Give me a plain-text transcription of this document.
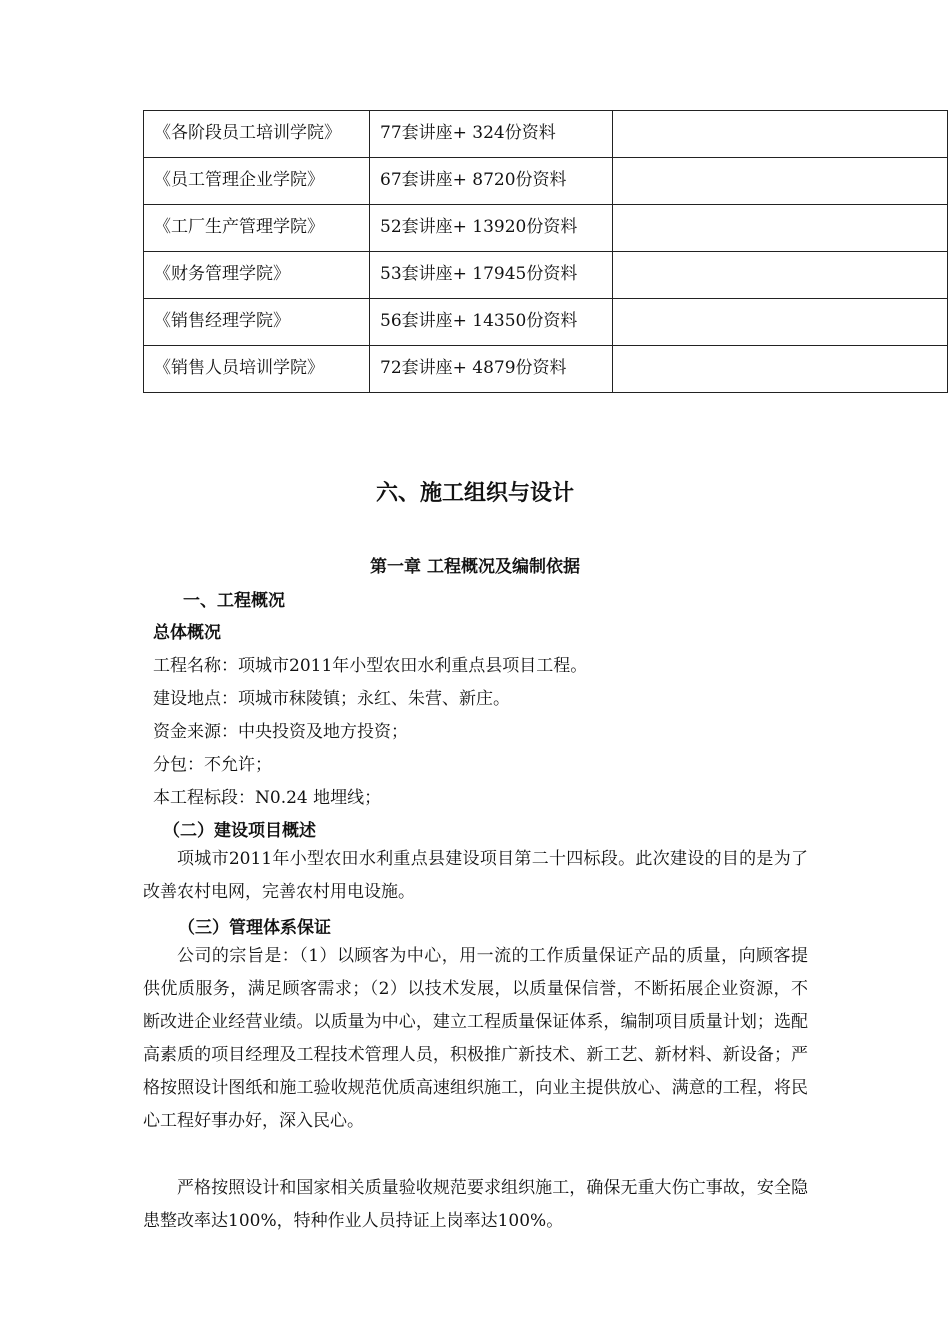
《各阶段员工培训学院》	77套讲座+ 324份资料	
《员工管理企业学院》	67套讲座+ 8720份资料	
《工厂生产管理学院》	52套讲座+ 13920份资料	
《财务管理学院》	53套讲座+ 17945份资料	
《销售经理学院》	56套讲座+ 14350份资料	
《销售人员培训学院》	72套讲座+ 4879份资料	
六、施工组织与设计
第一章 工程概况及编制依据
一、工程概况
总体概况
工程名称：项城市2011年小型农田水利重点县项目工程。
建设地点：项城市秣陵镇；永红、朱营、新庄。
资金来源：中央投资及地方投资；
分包：不允许；
本工程标段：N0.24 地埋线；
（二）建设项目概述
项城市2011年小型农田水利重点县建设项目第二十四标段。此次建设的目的是为了改善农村电网，完善农村用电设施。
（三）管理体系保证
公司的宗旨是：（1）以顾客为中心，用一流的工作质量保证产品的质量，向顾客提供优质服务，满足顾客需求；（2）以技术发展，以质量保信誉，不断拓展企业资源，不断改进企业经营业绩。以质量为中心，建立工程质量保证体系，编制项目质量计划；选配高素质的项目经理及工程技术管理人员，积极推广新技术、新工艺、新材料、新设备；严格按照设计图纸和施工验收规范优质高速组织施工，向业主提供放心、满意的工程，将民心工程好事办好，深入民心。
严格按照设计和国家相关质量验收规范要求组织施工，确保无重大伤亡事故，安全隐患整改率达100%，特种作业人员持证上岗率达100%。
